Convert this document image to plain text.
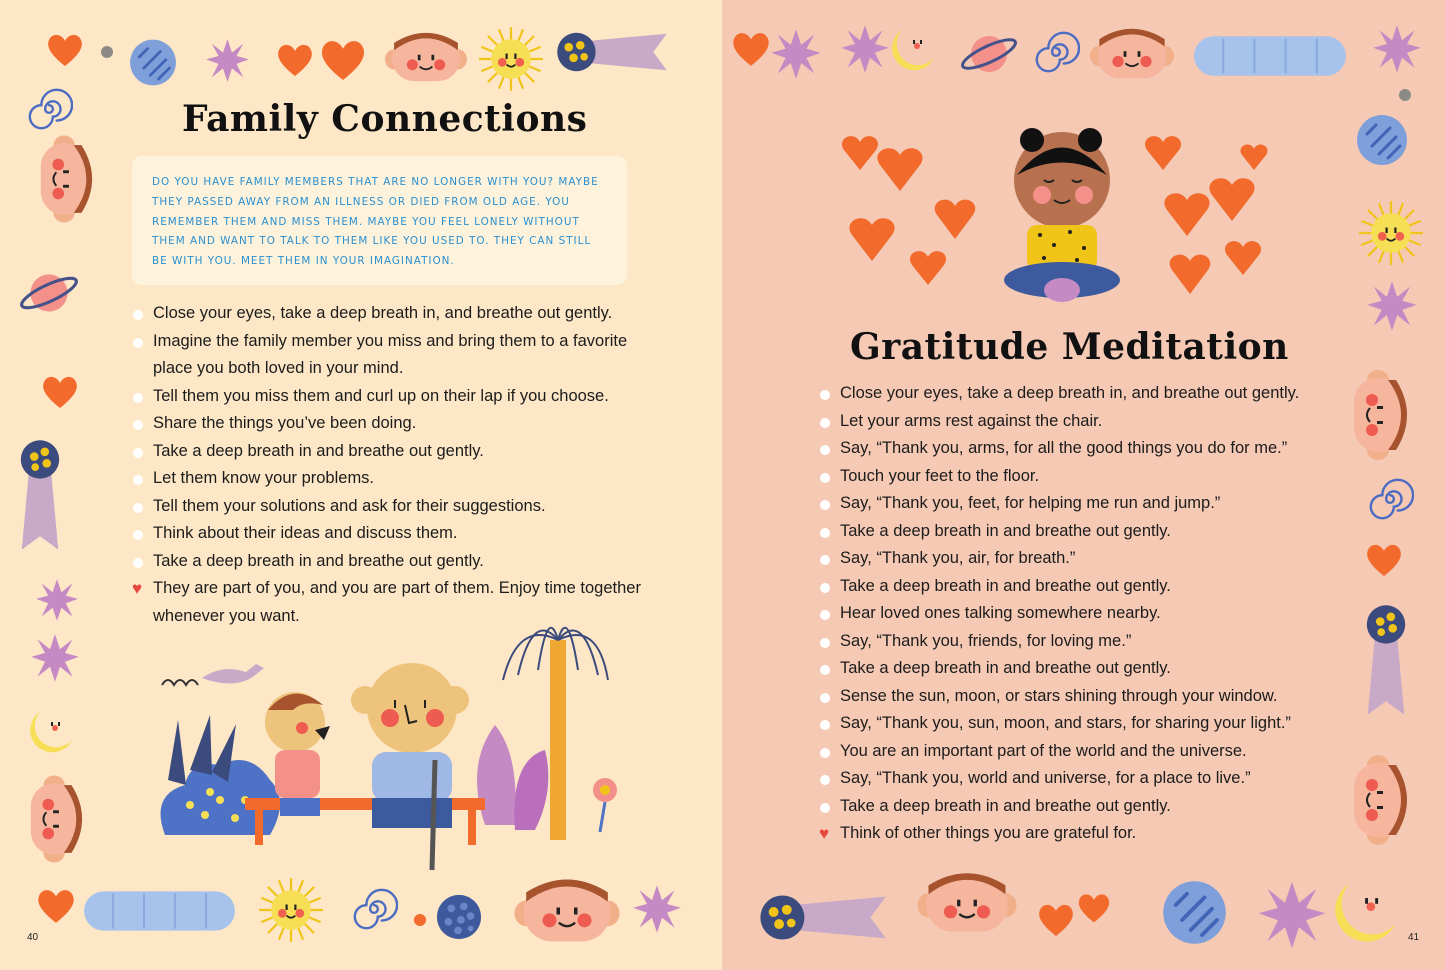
Family Connections

DO YOU HAVE FAMILY MEMBERS THAT ARE NO LONGER WITH YOU? MAYBE THEY PASSED AWAY FROM AN ILLNESS OR DIED FROM OLD AGE. YOU REMEMBER THEM AND MISS THEM. MAYBE YOU FEEL LONELY WITHOUT THEM AND WANT TO TALK TO THEM LIKE YOU USED TO. THEY CAN STILL BE WITH YOU. MEET THEM IN YOUR IMAGINATION.

Close your eyes, take a deep breath in, and breathe out gently.
Imagine the family member you miss and bring them to a favorite place you both loved in your mind.
Tell them you miss them and curl up on their lap if you choose.
Share the things you’ve been doing.
Take a deep breath in and breathe out gently.
Let them know your problems.
Tell them your solutions and ask for their suggestions.
Think about their ideas and discuss them.
Take a deep breath in and breathe out gently.
♥ They are part of you, and you are part of them. Enjoy time together whenever you want.
40
Gratitude Meditation
Close your eyes, take a deep breath in, and breathe out gently.
Let your arms rest against the chair.
Say, “Thank you, arms, for all the good things you do for me.”
Touch your feet to the floor.
Say, “Thank you, feet, for helping me run and jump.”
Take a deep breath in and breathe out gently.
Say, “Thank you, air, for breath.”
Take a deep breath in and breathe out gently.
Hear loved ones talking somewhere nearby.
Say, “Thank you, friends, for loving me.”
Take a deep breath in and breathe out gently.
Sense the sun, moon, or stars shining through your window.
Say, “Thank you, sun, moon, and stars, for sharing your light.”
You are an important part of the world and the universe.
Say, “Thank you, world and universe, for a place to live.”
Take a deep breath in and breathe out gently.
♥ Think of other things you are grateful for.
41
